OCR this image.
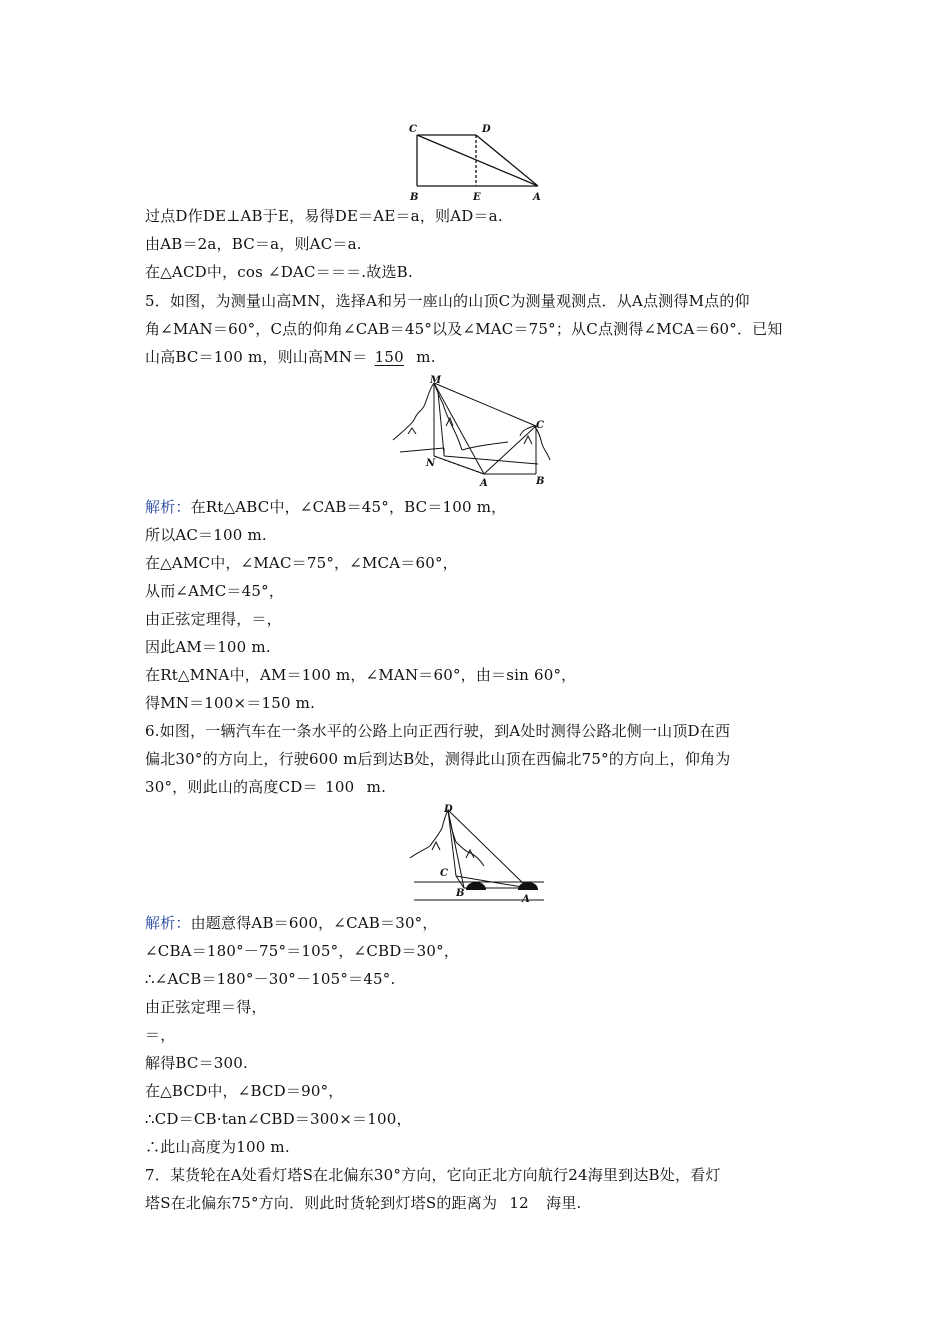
C	D
B	E	A
过点D作DE⊥AB于E，易得DE＝AE＝a，则AD＝a.
由AB＝2a，BC＝a，则AC＝a.
在△ACD中，cos ∠DAC＝＝＝.故选B.
5．如图，为测量山高MN，选择A和另一座山的山顶C为测量观测点．从A点测得M点的仰
角∠MAN＝60°，C点的仰角∠CAB＝45°以及∠MAC＝75°；从C点测得∠MCA＝60°．已知
山高BC＝100 m，则山高MN＝ 150 m.
M
N
A	B
C
解析：在Rt△ABC中，∠CAB＝45°，BC＝100 m，
所以AC＝100 m.
在△AMC中，∠MAC＝75°，∠MCA＝60°，
从而∠AMC＝45°，
由正弦定理得，＝，
因此AM＝100 m.
在Rt△MNA中，AM＝100 m，∠MAN＝60°，由＝sin 60°，
得MN＝100×＝150 m.
6.如图，一辆汽车在一条水平的公路上向正西行驶，到A处时测得公路北侧一山顶D在西
偏北30°的方向上，行驶600 m后到达B处，测得此山顶在西偏北75°的方向上，仰角为
30°，则此山的高度CD＝ 100 m.
D
C
B
A
解析：由题意得AB＝600，∠CAB＝30°，
∠CBA＝180°－75°＝105°，∠CBD＝30°，
∴∠ACB＝180°－30°－105°＝45°.
由正弦定理＝得，
＝，
解得BC＝300.
在△BCD中，∠BCD＝90°，
∴CD＝CB·tan∠CBD＝300×＝100，
∴此山高度为100 m.
7．某货轮在A处看灯塔S在北偏东30°方向，它向正北方向航行24海里到达B处，看灯
塔S在北偏东75°方向．则此时货轮到灯塔S的距离为 12 海里.
